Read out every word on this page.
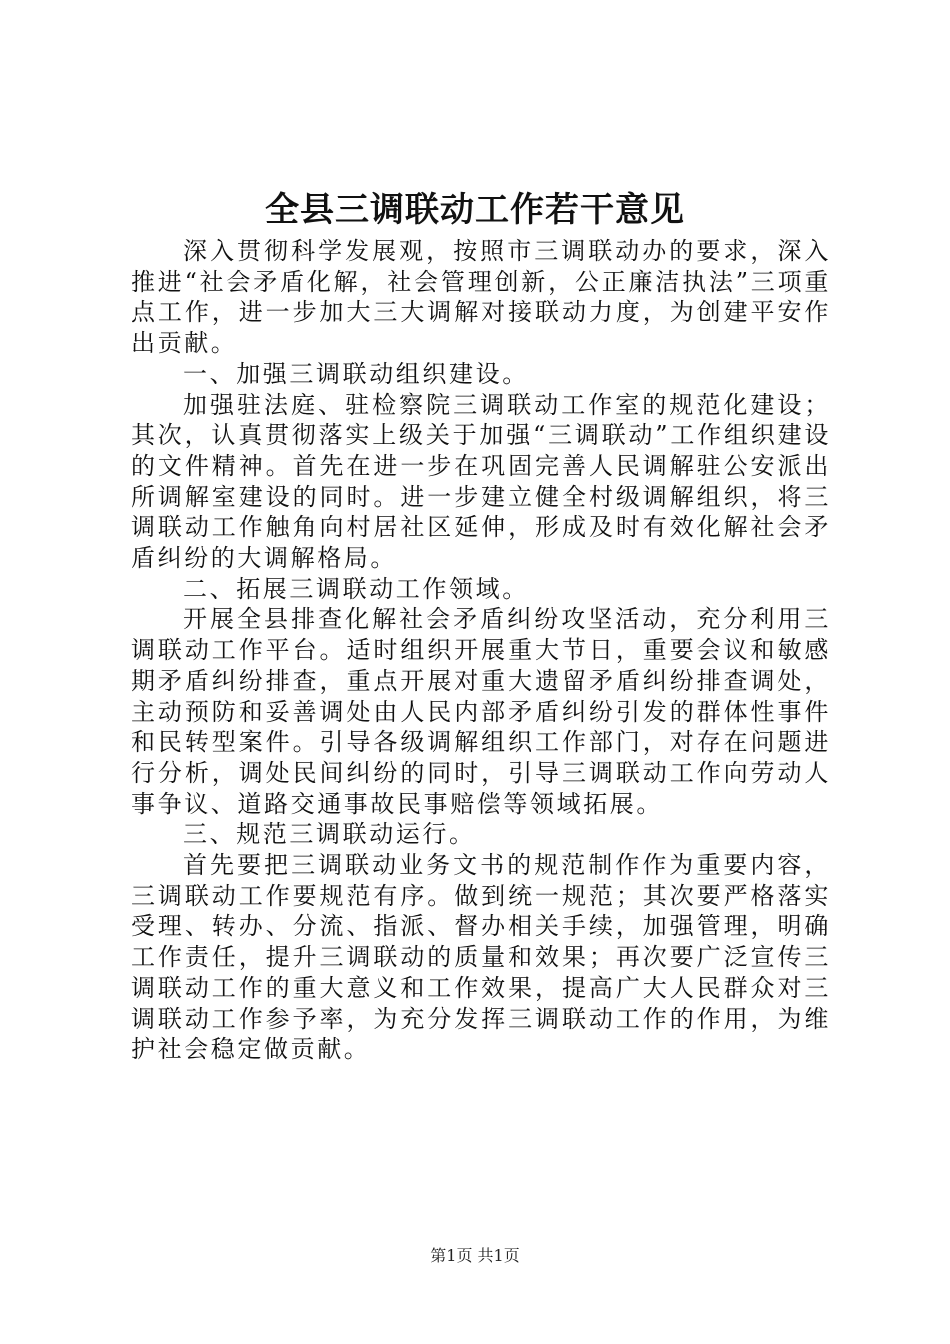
全县三调联动工作若干意见

深入贯彻科学发展观，按照市三调联动办的要求，深入推进“社会矛盾化解，社会管理创新，公正廉洁执法”三项重点工作，进一步加大三大调解对接联动力度，为创建平安作出贡献。

一、加强三调联动组织建设。

加强驻法庭、驻检察院三调联动工作室的规范化建设；其次，认真贯彻落实上级关于加强“三调联动”工作组织建设的文件精神。首先在进一步在巩固完善人民调解驻公安派出所调解室建设的同时。进一步建立健全村级调解组织，将三调联动工作触角向村居社区延伸，形成及时有效化解社会矛盾纠纷的大调解格局。

二、拓展三调联动工作领域。

开展全县排查化解社会矛盾纠纷攻坚活动，充分利用三调联动工作平台。适时组织开展重大节日，重要会议和敏感期矛盾纠纷排查，重点开展对重大遗留矛盾纠纷排查调处，主动预防和妥善调处由人民内部矛盾纠纷引发的群体性事件和民转型案件。引导各级调解组织工作部门，对存在问题进行分析，调处民间纠纷的同时，引导三调联动工作向劳动人事争议、道路交通事故民事赔偿等领域拓展。

三、规范三调联动运行。

首先要把三调联动业务文书的规范制作作为重要内容，三调联动工作要规范有序。做到统一规范；其次要严格落实受理、转办、分流、指派、督办相关手续，加强管理，明确工作责任，提升三调联动的质量和效果；再次要广泛宣传三调联动工作的重大意义和工作效果，提高广大人民群众对三调联动工作参予率，为充分发挥三调联动工作的作用，为维护社会稳定做贡献。

第1页 共1页
